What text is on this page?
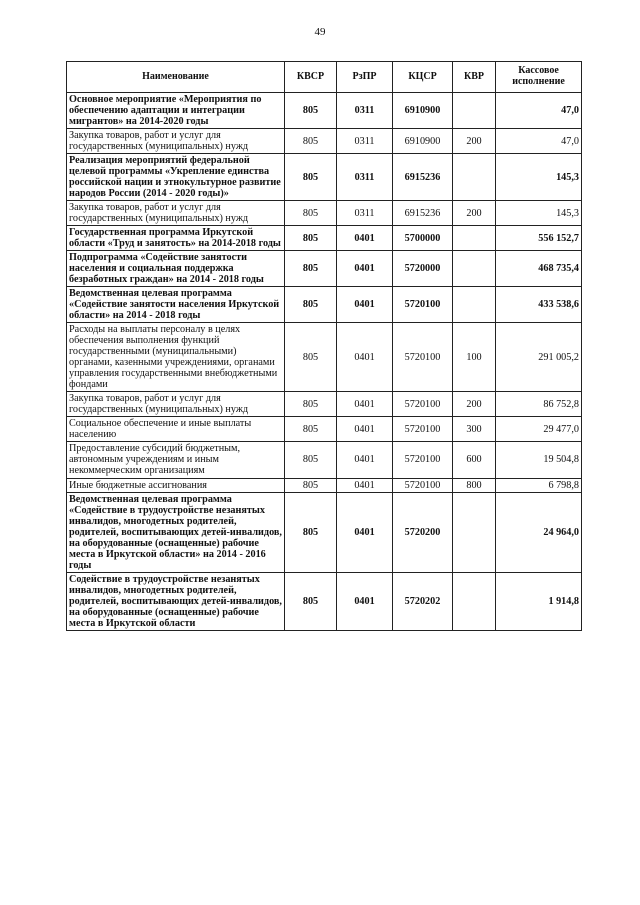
49
Наименование	КВСР	РзПР	КЦСР	КВР	Кассовое исполнение
Основное мероприятие «Мероприятия по обеспечению адаптации и интеграции мигрантов» на 2014-2020 годы	805	0311	6910900		47,0
Закупка товаров, работ и услуг для государственных (муниципальных) нужд	805	0311	6910900	200	47,0
Реализация мероприятий федеральной целевой программы «Укрепление единства российской нации и этнокультурное развитие народов России (2014 - 2020 годы)»	805	0311	6915236		145,3
Закупка товаров, работ и услуг для государственных (муниципальных) нужд	805	0311	6915236	200	145,3
Государственная программа Иркутской области «Труд и занятость» на 2014-2018 годы	805	0401	5700000		556 152,7
Подпрограмма «Содействие занятости населения и социальная поддержка безработных граждан» на 2014 - 2018 годы	805	0401	5720000		468 735,4
Ведомственная целевая программа «Содействие занятости населения Иркутской области» на 2014 - 2018 годы	805	0401	5720100		433 538,6
Расходы на выплаты персоналу в целях обеспечения выполнения функций государственными (муниципальными) органами, казенными учреждениями, органами управления государственными внебюджетными фондами	805	0401	5720100	100	291 005,2
Закупка товаров, работ и услуг для государственных (муниципальных) нужд	805	0401	5720100	200	86 752,8
Социальное обеспечение и иные выплаты населению	805	0401	5720100	300	29 477,0
Предоставление субсидий бюджетным, автономным учреждениям и иным некоммерческим организациям	805	0401	5720100	600	19 504,8
Иные бюджетные ассигнования	805	0401	5720100	800	6 798,8
Ведомственная целевая программа «Содействие в трудоустройстве незанятых инвалидов, многодетных родителей, родителей, воспитывающих детей-инвалидов, на оборудованные (оснащенные) рабочие места в Иркутской области» на 2014 - 2016 годы	805	0401	5720200		24 964,0
Содействие в трудоустройстве незанятых инвалидов, многодетных родителей, родителей, воспитывающих детей-инвалидов, на оборудованные (оснащенные) рабочие места в Иркутской области	805	0401	5720202		1 914,8
